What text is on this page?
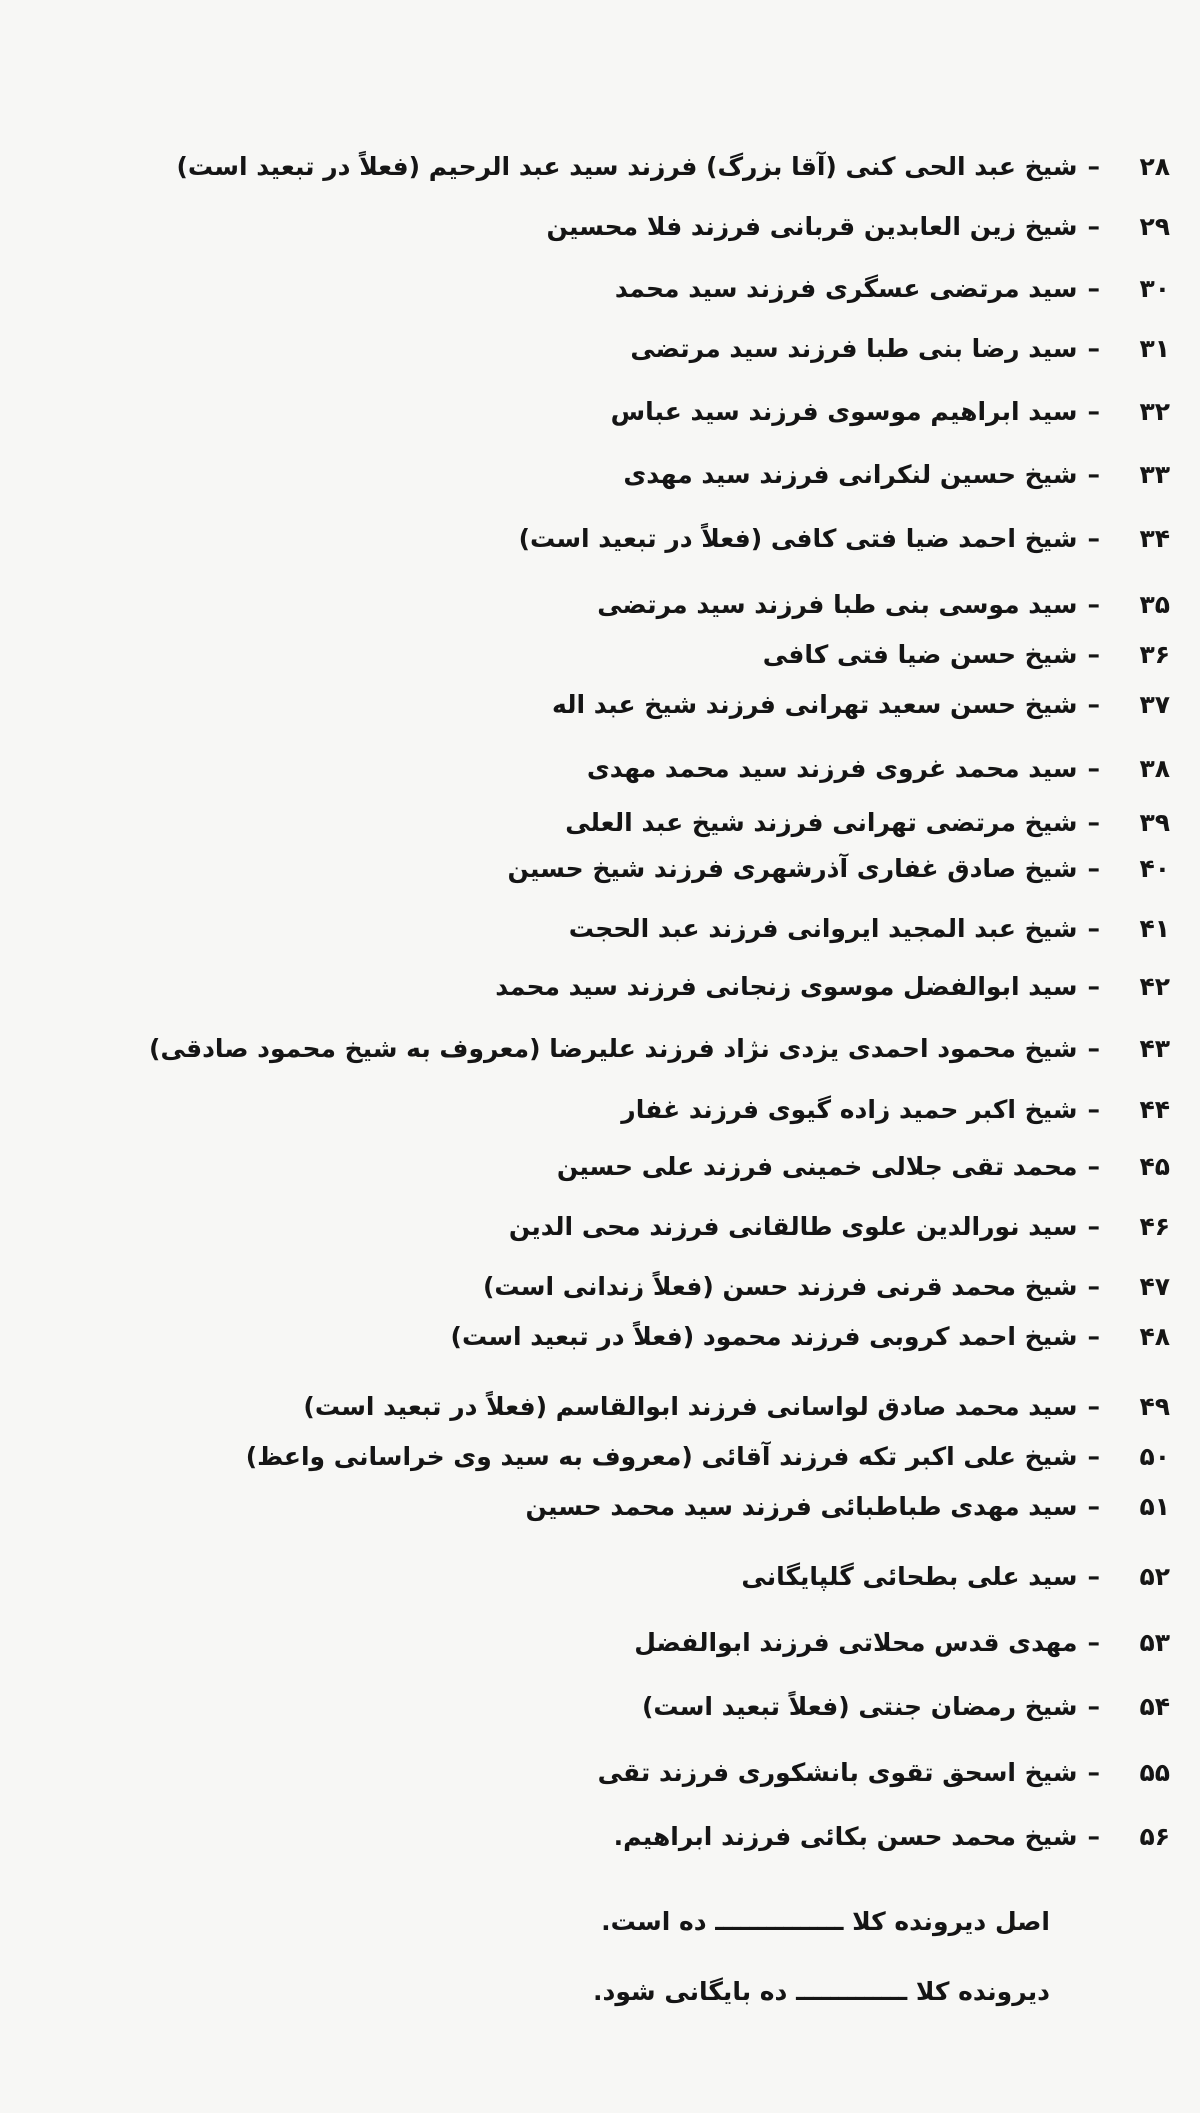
۲۸–شیخ عبد الحی کنی (آقا بزرگ) فرزند سید عبد الرحیم (فعلاً در تبعید است)
۲۹–شیخ زین العابدین قربانی فرزند فلا محسین
۳۰–سید مرتضی عسگری فرزند سید محمد
۳۱–سید رضا بنی طبا فرزند سید مرتضی
۳۲–سید ابراهیم موسوی فرزند سید عباس
۳۳–شیخ حسین لنکرانی فرزند سید مهدی
۳۴–شیخ احمد ضیا فتی کافی (فعلاً در تبعید است)
۳۵–سید موسی بنی طبا فرزند سید مرتضی
۳۶–شیخ حسن ضیا فتی کافی
۳۷–شیخ حسن سعید تهرانی فرزند شیخ عبد اله
۳۸–سید محمد غروی فرزند سید محمد مهدی
۳۹–شیخ مرتضی تهرانی فرزند شیخ عبد العلی
۴۰–شیخ صادق غفاری آذرشهری فرزند شیخ حسین
۴۱–شیخ عبد المجید ایروانی فرزند عبد الحجت
۴۲–سید ابوالفضل موسوی زنجانی فرزند سید محمد
۴۳–شیخ محمود احمدی یزدی نژاد فرزند علیرضا (معروف به شیخ محمود صادقی)
۴۴–شیخ اکبر حمید زاده گیوی فرزند غفار
۴۵–محمد تقی جلالی خمینی فرزند علی حسین
۴۶–سید نورالدین علوی طالقانی فرزند محی الدین
۴۷–شیخ محمد قرنی فرزند حسن (فعلاً زندانی است)
۴۸–شیخ احمد کروبی فرزند محمود (فعلاً در تبعید است)
۴۹–سید محمد صادق لواسانی فرزند ابوالقاسم (فعلاً در تبعید است)
۵۰–شیخ علی اکبر تکه فرزند آقائی (معروف به سید وی خراسانی واعظ)
۵۱–سید مهدی طباطبائی فرزند سید محمد حسین
۵۲–سید علی بطحائی گلپایگانی
۵۳–مهدی قدس محلاتی فرزند ابوالفضل
۵۴–شیخ رمضان جنتی (فعلاً تبعید است)
۵۵–شیخ اسحق تقوی بانشکوری فرزند تقی
۵۶–شیخ محمد حسن بکائی فرزند ابراهیم.
اصل دیرونده کلا ـــــــــــــــ ده است.
دیرونده کلا ـــــــــــــ ده بایگانی شود.
